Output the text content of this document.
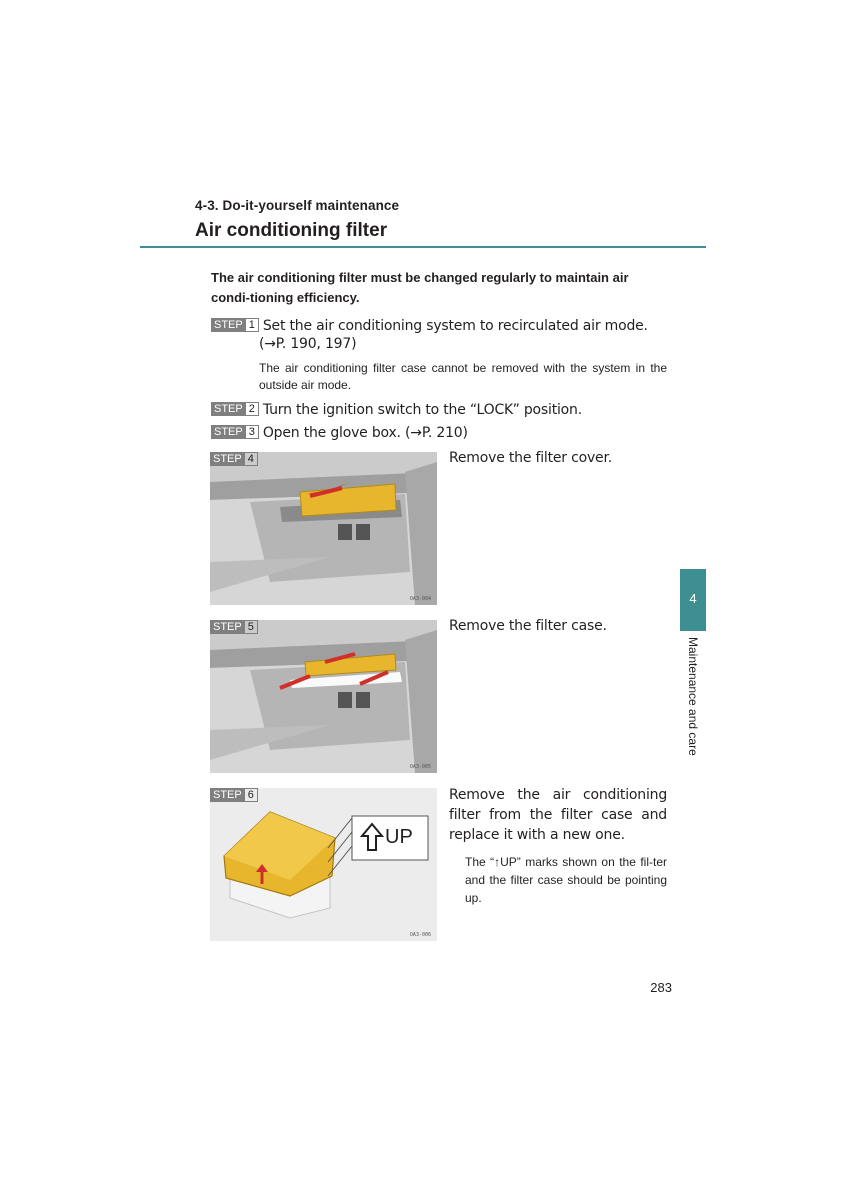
4-3. Do-it-yourself maintenance
Air conditioning filter
The air conditioning filter must be changed regularly to maintain air condi-tioning efficiency.
STEP 1 Set the air conditioning system to recirculated air mode.
(→P. 190, 197)
The air conditioning filter case cannot be removed with the system in the outside air mode.
STEP 2 Turn the ignition switch to the “LOCK” position.
STEP 3 Open the glove box. (→P. 210)
STEP 4
OA3-004
Remove the filter cover.
STEP 5
OA3-005
Remove the filter case.
UP
STEP 6
OA3-006
Remove the air conditioning filter from the filter case and replace it with a new one.
The “↑UP” marks shown on the fil-ter and the filter case should be pointing up.
4
Maintenance and care
283
